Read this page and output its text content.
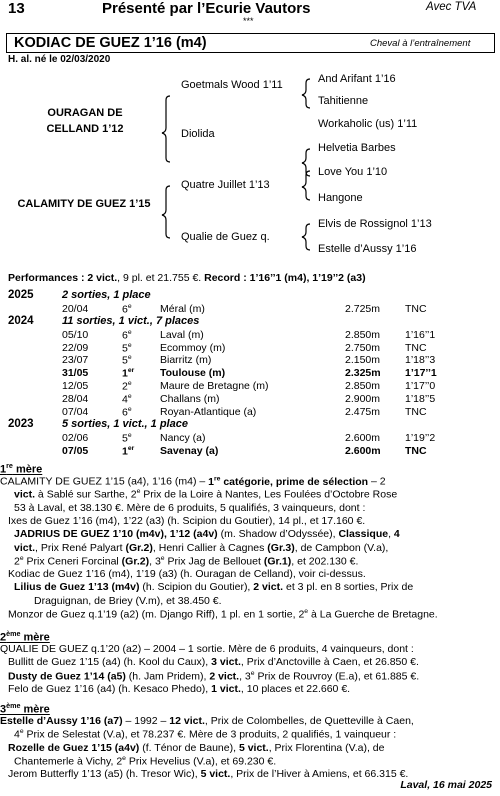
13	Présenté par l’Ecurie Vautors	Avec TVA
***
KODIAC DE GUEZ 1’16 (m4)	Cheval à l’entraînement
H. al. né le 02/03/2020
OURAGAN DE CELLAND 1’12
CALAMITY DE GUEZ 1’15
Goetmals Wood 1’11
Diolida
Quatre Juillet 1’13
Qualie de Guez q.
And Arifant 1’16
Tahitienne
Workaholic (us) 1’11
Helvetia Barbes
Love You 1’10
Hangone
Elvis de Rossignol 1’13
Estelle d’Aussy 1’16
Performances : 2 vict., 9 pl. et 21.755 €. Record : 1’16’’1 (m4), 1’19’’2 (a3)
2025	2 sorties, 1 place
20/04	6e	Méral (m)	2.725m TNC
2024	11 sorties, 1 vict., 7 places
05/10	6e	Laval (m)	2.850m 1’16’’1
22/09	5e	Ecommoy (m)	2.750m TNC
23/07	5e	Biarritz (m)	2.150m 1’18’’3
31/05	1er Toulouse (m)	2.325m 1’17’’1
12/05	2e	Maure de Bretagne (m)	2.850m 1’17’’0
28/04	4e	Challans (m)	2.900m 1’18’’5
07/04	6e	Royan-Atlantique (a)	2.475m TNC
2023	5 sorties, 1 vict., 1 place
02/06	5e	Nancy (a)	2.600m 1’19’’2
07/05	1er Savenay (a)	2.600m TNC
1re mère
CALAMITY DE GUEZ 1’15 (a4), 1’16 (m4) – 1re catégorie, prime de sélection – 2
vict. à Sablé sur Sarthe, 2e Prix de la Loire à Nantes, Les Foulées d’Octobre Rose
53 à Laval, et 38.130 €. Mère de 6 produits, 5 qualifiés, 3 vainqueurs, dont :
Ixes de Guez 1’16 (m4), 1’22 (a3) (h. Scipion du Goutier), 14 pl., et 17.160 €.
JADRIUS DE GUEZ 1’10 (m4v), 1’12 (a4v) (m. Shadow d’Odyssée), Classique, 4
vict., Prix René Palyart (Gr.2), Henri Callier à Cagnes (Gr.3), de Campbon (V.a),
2e Prix Ceneri Forcinal (Gr.2), 3e Prix Jag de Bellouet (Gr.1), et 202.130 €.
Kodiac de Guez 1’16 (m4), 1’19 (a3) (h. Ouragan de Celland), voir ci-dessus.
Lilius de Guez 1’13 (m4v) (h. Scipion du Goutier), 2 vict. et 3 pl. en 8 sorties, Prix de
Draguignan, de Briey (V.m), et 38.450 €.
Monzor de Guez q.1’19 (a2) (m. Django Riff), 1 pl. en 1 sortie, 2e à La Guerche de Bretagne.
2ème mère
QUALIE DE GUEZ q.1’20 (a2) – 2004 – 1 sortie. Mère de 6 produits, 4 vainqueurs, dont :
Bullitt de Guez 1’15 (a4) (h. Kool du Caux), 3 vict., Prix d’Anctoville à Caen, et 26.850 €.
Dusty de Guez 1’14 (a5) (h. Jam Pridem), 2 vict., 3e Prix de Rouvroy (E.a), et 61.885 €.
Felo de Guez 1’16 (a4) (h. Kesaco Phedo), 1 vict., 10 places et 22.660 €.
3ème mère
Estelle d’Aussy 1’16 (a7) – 1992 – 12 vict., Prix de Colombelles, de Quetteville à Caen,
4e Prix de Selestat (V.a), et 78.237 €. Mère de 3 produits, 2 qualifiés, 1 vainqueur :
Rozelle de Guez 1’15 (a4v) (f. Ténor de Baune), 5 vict., Prix Florentina (V.a), de
Chantemerle à Vichy, 2e Prix Hevelius (V.a), et 69.230 €.
Jerom Butterfly 1’13 (a5) (h. Tresor Wic), 5 vict., Prix de l’Hiver à Amiens, et 66.315 €.
Laval, 16 mai 2025
